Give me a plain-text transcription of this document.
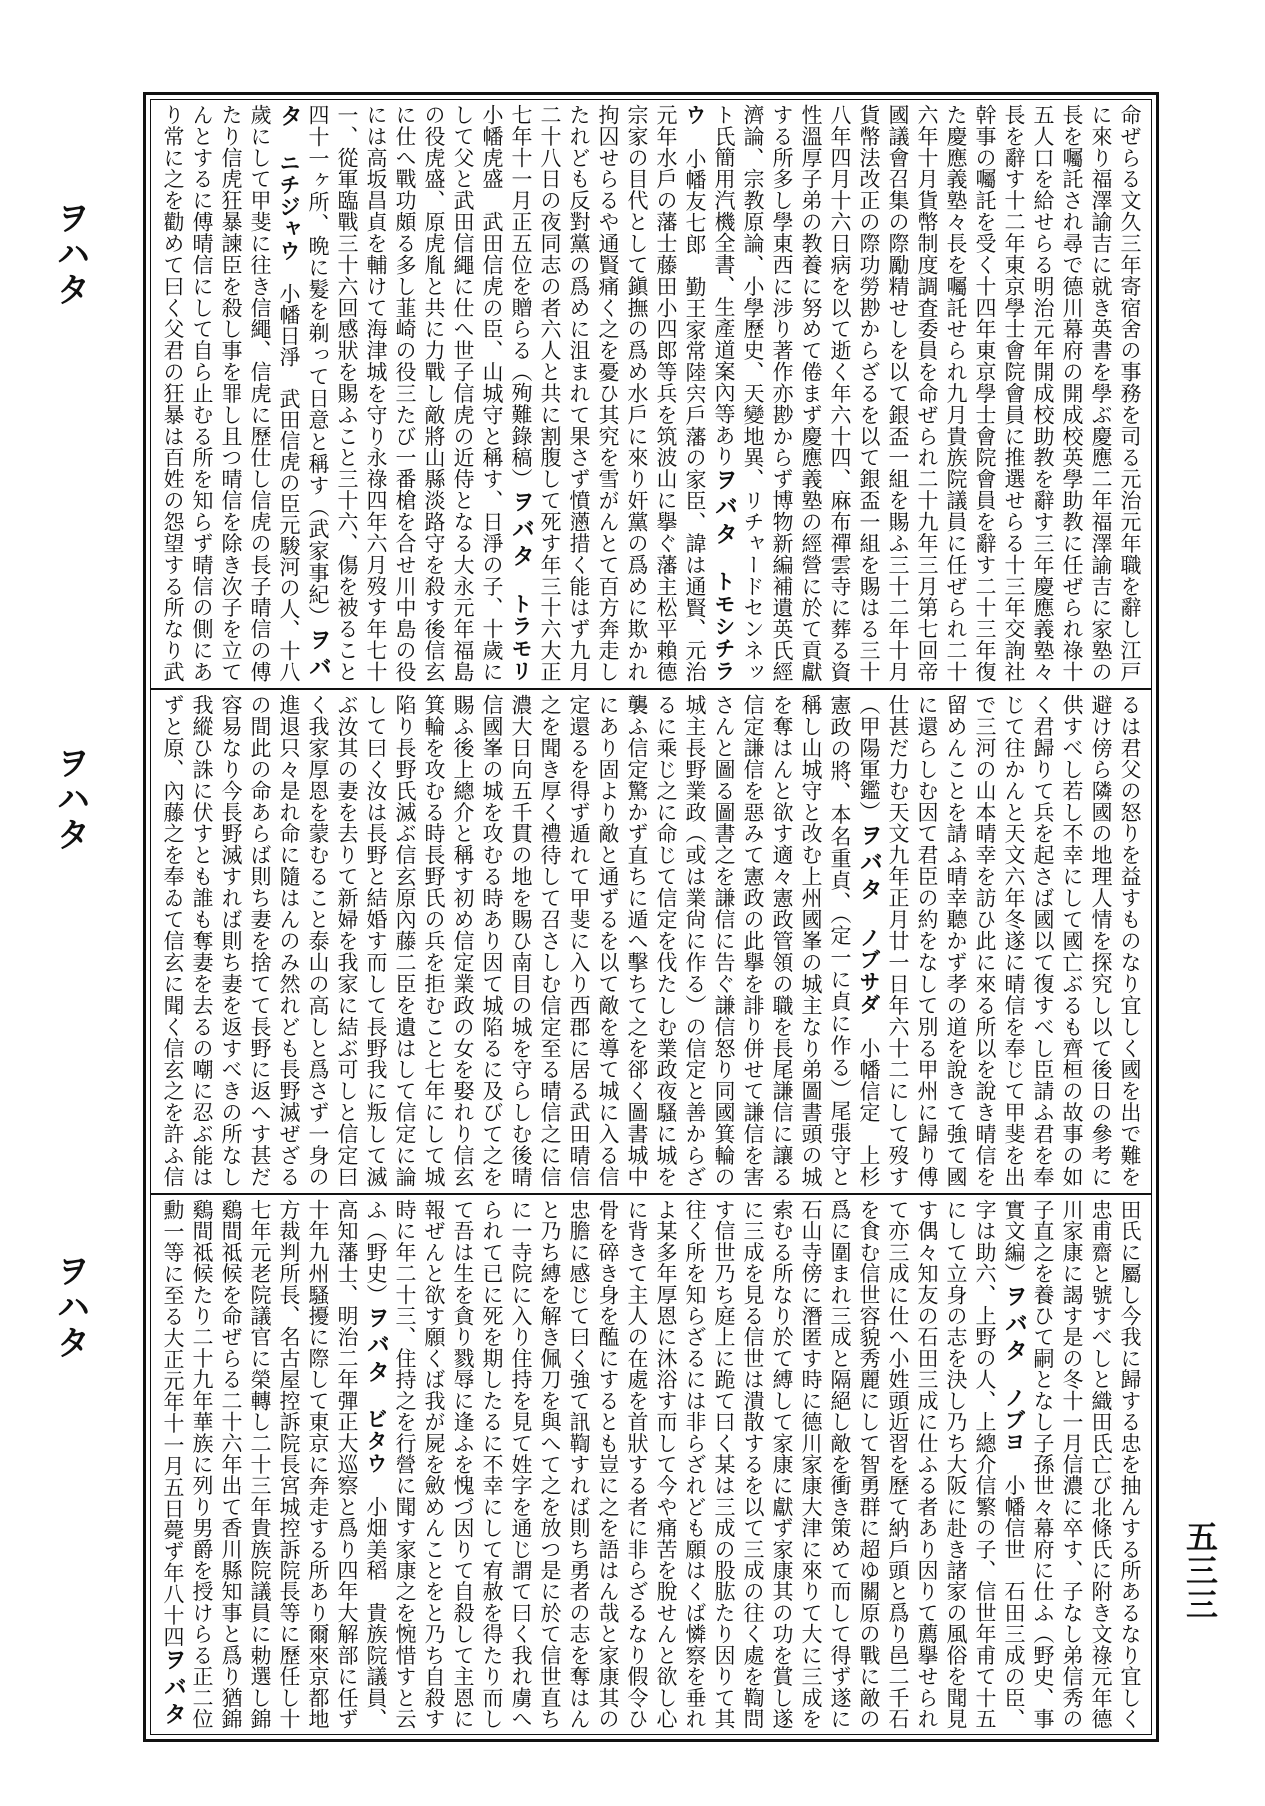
ヲハタ
ヲハタ
ヲハタ
五三三
命ぜらる文久三年寄宿舍の事務を司る元治元年職を辭し江戸に來り福澤諭吉に就き英書を學ぶ慶應二年福澤諭吉に家塾の長を囑託され尋で德川幕府の開成校英學助教に任ぜられ祿十五人口を給せらる明治元年開成校助教を辭す三年慶應義塾々長を辭す十二年東京學士會院會員に推選せらる十三年交詢社幹事の囑託を受く十四年東京學士會院會員を辭す二十三年復た慶應義塾々長を囑託せられ九月貴族院議員に任ぜられ二十六年十月貨幣制度調査委員を命ぜられ二十九年三月第七回帝國議會召集の際勵精せしを以て銀盃一組を賜ふ三十二年十月貨幣法改正の際功勞尠からざるを以て銀盃一組を賜はる三十八年四月十六日病を以て逝く年六十四、麻布禪雲寺に葬る資性溫厚子弟の教養に努めて倦まず慶應義塾の經營に於て貢獻する所多し學東西に涉り著作亦尠からず博物新編補遺英氏經濟論、宗教原論、小學歷史、天變地異、リチャードセンネット氏簡用汽機全書、生產道案內等ありヲバタ　トモシチラウ　小幡友七郎　勤王家常陸宍戶藩の家臣、諱は通賢、元治元年水戶の藩士藤田小四郎等兵を筑波山に擧ぐ藩主松平賴德宗家の目代として鎭撫の爲め水戶に來り奸黨の爲めに欺かれ拘囚せらるや通賢痛く之を憂ひ其究を雪がんとて百方奔走したれども反對黨の爲めに沮まれて果さず憤懣措く能はず九月二十八日の夜同志の者六人と共に割腹して死す年三十六大正七年十一月正五位を贈らる（殉難錄稿）ヲバタ　トラモリ　小幡虎盛　武田信虎の臣、山城守と稱す、日淨の子、十歲にして父と武田信繩に仕へ世子信虎の近侍となる大永元年福島の役虎盛、原虎胤と共に力戰し敵將山縣淡路守を殺す後信玄に仕へ戰功頗る多し韮崎の役三たび一番槍を合せ川中島の役には高坂昌貞を輔けて海津城を守り永祿四年六月歿す年七十一、從軍臨戰三十六回感狀を賜ふこと三十六、傷を被ること四十一ヶ所、晩に髮を剃って日意と稱す（武家事紀）ヲバタ　ニチジャウ　小幡日淨　武田信虎の臣元駿河の人、十八歲にして甲斐に往き信繩、信虎に歷仕し信虎の長子晴信の傅たり信虎狂暴諫臣を殺し事を罪し且つ晴信を除き次子を立てんとするに傅晴信にして自ら止むる所を知らず晴信の側にあり常に之を勸めて曰く父君の狂暴は百姓の怨望する所なり武
るは君父の怒りを益すものなり宜しく國を出で難を避け傍ら隣國の地理人情を探究し以て後日の參考に供すべし若し不幸にして國亡ぶるも齊桓の故事の如く君歸りて兵を起さば國以て復すべし臣請ふ君を奉じて往かんと天文六年冬遂に晴信を奉じて甲斐を出で三河の山本晴幸を訪ひ此に來る所以を說き晴信を留めんことを請ふ晴幸聽かず孝の道を說きて強て國に還らしむ因て君臣の約をなして別る甲州に歸り傅仕甚だ力む天文九年正月廿一日年六十二にして歿す（甲陽軍鑑）ヲバタ　ノブサダ　小幡信定　上杉憲政の將、本名重貞、（定一に貞に作る）尾張守と稱し山城守と改む上州國峯の城主なり弟圖書頭の城を奪はんと欲す適々憲政管領の職を長尾謙信に讓る信定謙信を惡みて憲政の此擧を誹り併せて謙信を害さんと圖る圖書之を謙信に告ぐ謙信怒り同國箕輪の城主長野業政（或は業尙に作る）の信定と善からざるに乘じ之に命じて信定を伐たしむ業政夜騷に城を襲ふ信定驚かず直ちに遁へ擊ちて之を郤く圖書城中にあり固より敵と通ずるを以て敵を導て城に入る信定還るを得ず遁れて甲斐に入り西郡に居る武田晴信之を聞き厚く禮待して召さしむ信定至る晴信之に信濃大日向五千貫の地を賜ひ南目の城を守らしむ後晴信國峯の城を攻むる時あり因て城陷るに及びて之を賜ふ後上總介と稱す初め信定業政の女を娶れり信玄箕輪を攻むる時長野氏の兵を拒むこと七年にして城陷り長野氏滅ぶ信玄原內藤二臣を遺はして信定に論して曰く汝は長野と結婚す而して長野我に叛して滅ぶ汝其の妻を去りて新婦を我家に結ぶ可しと信定曰く我家厚恩を蒙むること泰山の高しと爲さず一身の進退只々是れ命に隨はんのみ然れども長野滅ぜざるの間此の命あらば則ち妻を捨てて長野に返へす甚だ容易なり今長野滅すれば則ち妻を返すべきの所なし我縱ひ誅に伏すとも誰も奪妻を去るの嘲に忍ぶ能はずと原、內藤之を奉ゐて信玄に聞く信玄之を許ふ信
田氏に屬し今我に歸する忠を抽んする所あるなり宜しく忠甫齋と號すべしと織田氏亡び北條氏に附き文祿元年德川家康に謁す是の冬十一月信濃に卒す、子なし弟信秀の子直之を養ひて嗣となし子孫世々幕府に仕ふ（野史、事實文編）ヲバタ　ノブヨ　小幡信世　石田三成の臣、字は助六、上野の人、上總介信繁の子、信世年甫て十五にして立身の志を決し乃ち大阪に赴き諸家の風俗を聞見す偶々知友の石田三成に仕ふる者あり因りて薦擧せられて亦三成に仕へ小姓頭近習を歷て納戶頭と爲り邑二千石を食む信世容貌秀麗にして智勇群に超ゆ關原の戰に敵の爲に圍まれ三成と隔絕し敵を衝き策めて而して得ず遂に石山寺傍に潛匿す時に德川家康大津に來りて大に三成を索むる所なり於て縛して家康に獻ず家康其の功を賞し遂に三成を見る信世は潰散するを以て三成の往く處を鞫問す信世乃ち庭上に跪て曰く某は三成の股肱たり因りて其往く所を知らざるには非らざれども願はくば憐察を垂れよ某多年厚恩に沐浴す而して今や痛苦を脫せんと欲し心に背きて主人の在處を首狀する者に非らざるなり假令ひ骨を碎き身を醢にするとも豈に之を語はん哉と家康其の忠膽に感じて曰く強て訊鞫すれば則ち勇者の志を奪はんと乃ち縛を解き佩刀を與へて之を放つ是に於て信世直ちに一寺院に入り住持を見て姓字を通じ謂て曰く我れ虜へられて已に死を期したるに不幸にして宥赦を得たり而して吾は生を貪り戮辱に逢ふを愧づ因りて自殺して主恩に報ぜんと欲す願くば我が屍を斂めんことをと乃ち自殺す時に年二十三、住持之を行營に聞す家康之を惋惜すと云ふ（野史）ヲバタ　ビタウ　小畑美稻　貴族院議員、高知藩士、明治二年彈正大巡察と爲り四年大解部に任ず十年九州騷擾に際して東京に奔走する所あり爾來京都地方裁判所長、名古屋控訴院長宮城控訴院長等に歷任し十七年元老院議官に榮轉し二十三年貴族院議員に勅選し錦鷄間祗候を命ぜらる二十六年出て香川縣知事と爲り猶錦鷄間祗候たり二十九年華族に列り男爵を授けらる正二位勳一等に至る大正元年十一月五日薨ず年八十四ヲバタ　　
